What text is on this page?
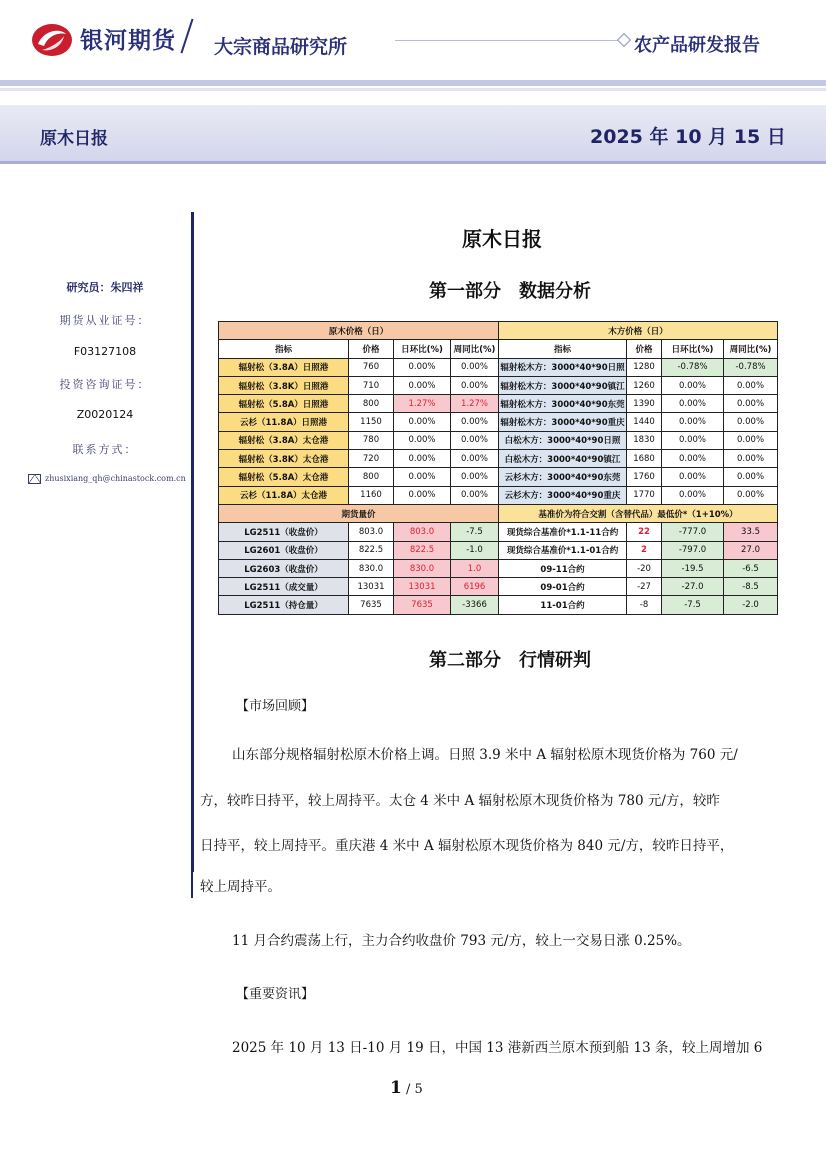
银河期货 大宗商品研究所	农产品研发报告
原木日报	2025 年 10 月 15 日
研究员：朱四祥
期货从业证号：
F03127108
投资咨询证号：
Z0020124
联系方式：
zhusixiang_qh@chinastock.com.cn
原木日报
第一部分　数据分析
原木价格（日）				木方价格（日）			
指标	价格	日环比(%)	周同比(%)	指标	价格	日环比(%)	周同比(%)
辐射松（3.8A）日照港	760	0.00%	0.00%	辐射松木方：3000*40*90日照	1280	-0.78%	-0.78%
辐射松（3.8K）日照港	710	0.00%	0.00%	辐射松木方：3000*40*90镇江	1260	0.00%	0.00%
辐射松（5.8A）日照港	800	1.27%	1.27%	辐射松木方：3000*40*90东莞	1390	0.00%	0.00%
云杉（11.8A）日照港	1150	0.00%	0.00%	辐射松木方：3000*40*90重庆	1440	0.00%	0.00%
辐射松（3.8A）太仓港	780	0.00%	0.00%	白松木方：3000*40*90日照	1830	0.00%	0.00%
辐射松（3.8K）太仓港	720	0.00%	0.00%	白松木方：3000*40*90镇江	1680	0.00%	0.00%
辐射松（5.8A）太仓港	800	0.00%	0.00%	云杉木方：3000*40*90东莞	1760	0.00%	0.00%
云杉（11.8A）太仓港	1160	0.00%	0.00%	云杉木方：3000*40*90重庆	1770	0.00%	0.00%
期货量价				基准价为符合交割（含替代品）最低价*（1+10%）			
LG2511（收盘价）	803.0	803.0	-7.5	现货综合基准价*1.1-11合约	22	-777.0	33.5
LG2601（收盘价）	822.5	822.5	-1.0	现货综合基准价*1.1-01合约	2	-797.0	27.0
LG2603（收盘价）	830.0	830.0	1.0	09-11合约	-20	-19.5	-6.5
LG2511（成交量）	13031	13031	6196	09-01合约	-27	-27.0	-8.5
LG2511（持仓量）	7635	7635	-3366	11-01合约	-8	-7.5	-2.0
第二部分　行情研判
【市场回顾】
山东部分规格辐射松原木价格上调。日照 3.9 米中 A 辐射松原木现货价格为 760 元/
方，较昨日持平，较上周持平。太仓 4 米中 A 辐射松原木现货价格为 780 元/方，较昨
日持平，较上周持平。重庆港 4 米中 A 辐射松原木现货价格为 840 元/方，较昨日持平，
较上周持平。
11 月合约震荡上行，主力合约收盘价 793 元/方，较上一交易日涨 0.25%。
【重要资讯】
2025 年 10 月 13 日-10 月 19 日，中国 13 港新西兰原木预到船 13 条，较上周增加 6
1 / 5
